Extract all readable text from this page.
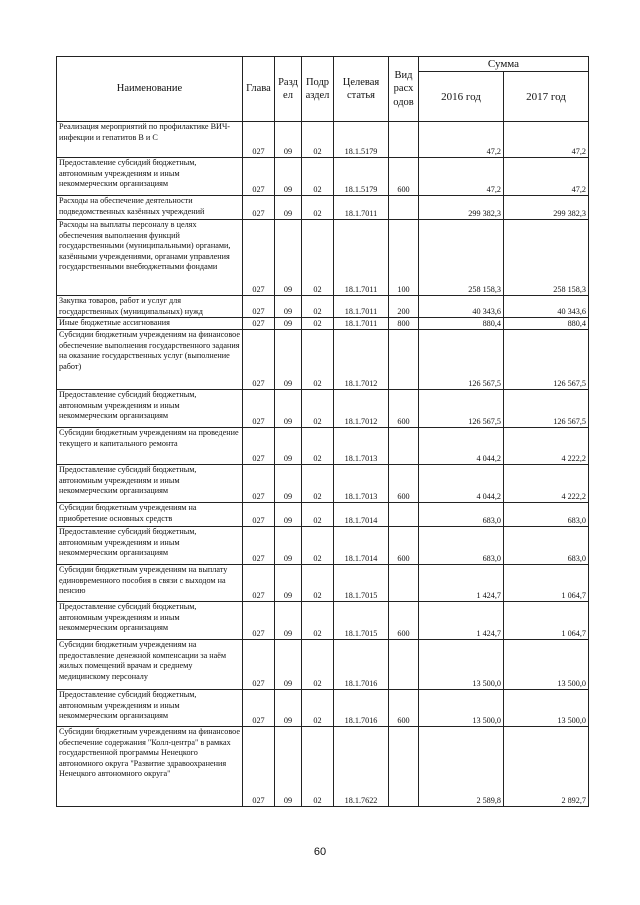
Наименование	Глава	Разд ел	Подр аздел	Целевая статья	Вид расх одов	Сумма	
						2016 год	2017 год
Реализация мероприятий по профилактике ВИЧ-инфекции и гепатитов В и С	027	09	02	18.1.5179		47,2	47,2
Предоставление субсидий бюджетным, автономным учреждениям и иным некоммерческим организациям	027	09	02	18.1.5179	600	47,2	47,2
Расходы на обеспечение деятельности подведомственных казённых учреждений	027	09	02	18.1.7011		299 382,3	299 382,3
Расходы на выплаты персоналу в целях обеспечения выполнения функций государственными (муниципальными) органами, казёнными учреждениями, органами управления государственными внебюджетными фондами	027	09	02	18.1.7011	100	258 158,3	258 158,3
Закупка товаров, работ и услуг для государственных (муниципальных) нужд	027	09	02	18.1.7011	200	40 343,6	40 343,6
Иные бюджетные ассигнования	027	09	02	18.1.7011	800	880,4	880,4
Субсидии бюджетным учреждениям на финансовое обеспечение выполнения государственного задания на оказание государственных услуг (выполнение работ)	027	09	02	18.1.7012		126 567,5	126 567,5
Предоставление субсидий бюджетным, автономным учреждениям и иным некоммерческим организациям	027	09	02	18.1.7012	600	126 567,5	126 567,5
Субсидии бюджетным учреждениям на проведение текущего и капитального ремонта	027	09	02	18.1.7013		4 044,2	4 222,2
Предоставление субсидий бюджетным, автономным учреждениям и иным некоммерческим организациям	027	09	02	18.1.7013	600	4 044,2	4 222,2
Субсидии бюджетным учреждениям на приобретение основных средств	027	09	02	18.1.7014		683,0	683,0
Предоставление субсидий бюджетным, автономным учреждениям и иным некоммерческим организациям	027	09	02	18.1.7014	600	683,0	683,0
Субсидии бюджетным учреждениям на выплату единовременного пособия в связи с выходом на пенсию	027	09	02	18.1.7015		1 424,7	1 064,7
Предоставление субсидий бюджетным, автономным учреждениям и иным некоммерческим организациям	027	09	02	18.1.7015	600	1 424,7	1 064,7
Субсидии бюджетным учреждениям на предоставление денежной компенсации за наём жилых помещений врачам и среднему медицинскому персоналу	027	09	02	18.1.7016		13 500,0	13 500,0
Предоставление субсидий бюджетным, автономным учреждениям и иным некоммерческим организациям	027	09	02	18.1.7016	600	13 500,0	13 500,0
Субсидии бюджетным учреждениям на финансовое обеспечение содержания "Колл-центра" в рамках государственной программы Ненецкого автономного округа "Развитие здравоохранения Ненецкого автономного округа"	027	09	02	18.1.7622		2 589,8	2 892,7
60
